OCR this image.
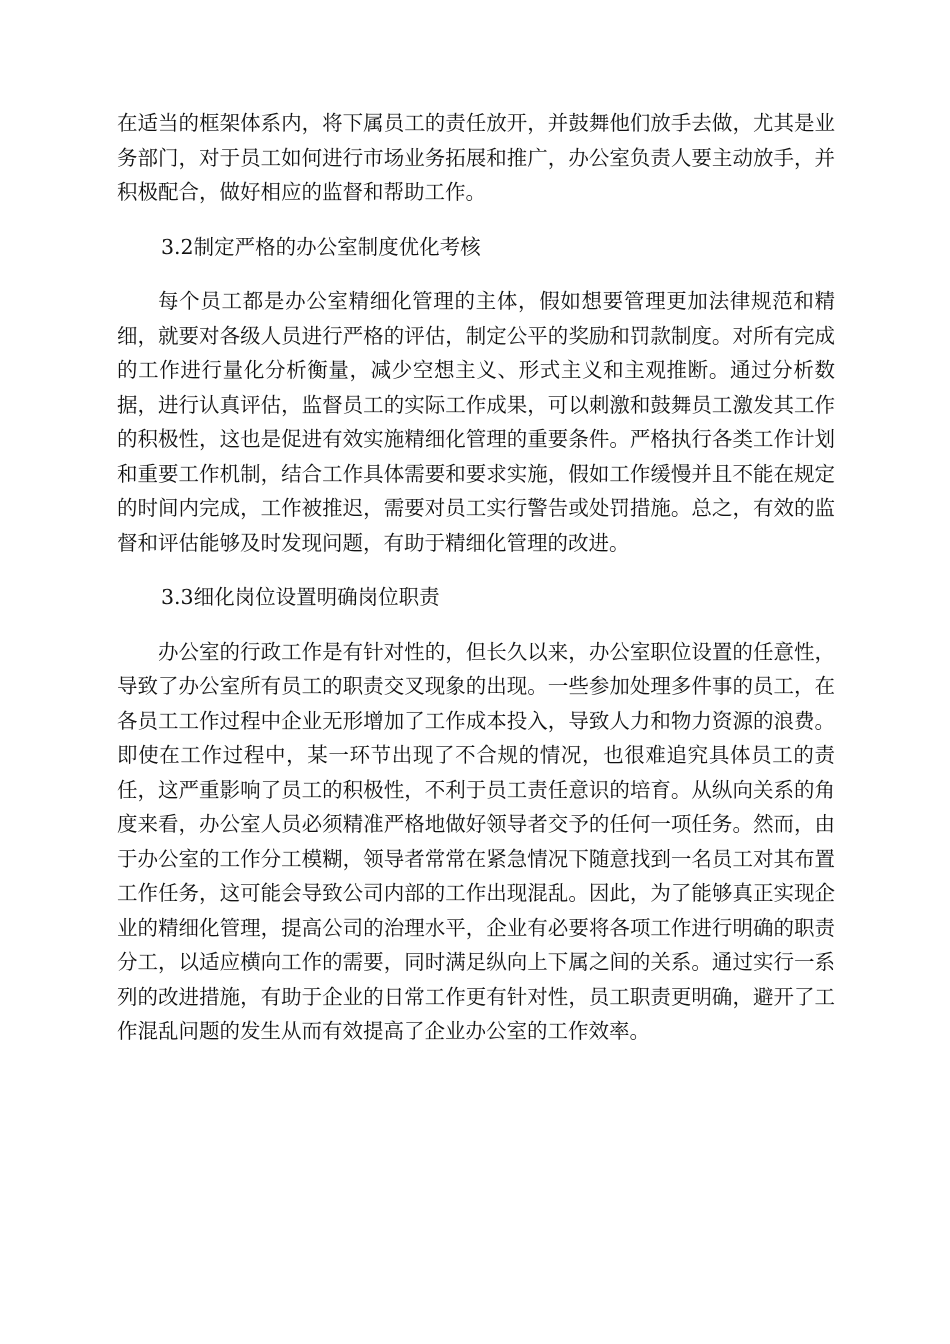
在适当的框架体系内，将下属员工的责任放开，并鼓舞他们放手去做，尤其是业务部门，对于员工如何进行市场业务拓展和推广，办公室负责人要主动放手，并积极配合，做好相应的监督和帮助工作。

3.2制定严格的办公室制度优化考核

每个员工都是办公室精细化管理的主体，假如想要管理更加法律规范和精细，就要对各级人员进行严格的评估，制定公平的奖励和罚款制度。对所有完成的工作进行量化分析衡量，减少空想主义、形式主义和主观推断。通过分析数据，进行认真评估，监督员工的实际工作成果，可以刺激和鼓舞员工激发其工作的积极性，这也是促进有效实施精细化管理的重要条件。严格执行各类工作计划和重要工作机制，结合工作具体需要和要求实施，假如工作缓慢并且不能在规定的时间内完成，工作被推迟，需要对员工实行警告或处罚措施。总之，有效的监督和评估能够及时发现问题，有助于精细化管理的改进。

3.3细化岗位设置明确岗位职责

办公室的行政工作是有针对性的，但长久以来，办公室职位设置的任意性，导致了办公室所有员工的职责交叉现象的出现。一些参加处理多件事的员工，在各员工工作过程中企业无形增加了工作成本投入，导致人力和物力资源的浪费。即使在工作过程中，某一环节出现了不合规的情况，也很难追究具体员工的责任，这严重影响了员工的积极性，不利于员工责任意识的培育。从纵向关系的角度来看，办公室人员必须精准严格地做好领导者交予的任何一项任务。然而，由于办公室的工作分工模糊，领导者常常在紧急情况下随意找到一名员工对其布置工作任务，这可能会导致公司内部的工作出现混乱。因此，为了能够真正实现企业的精细化管理，提高公司的治理水平，企业有必要将各项工作进行明确的职责分工，以适应横向工作的需要，同时满足纵向上下属之间的关系。通过实行一系列的改进措施，有助于企业的日常工作更有针对性，员工职责更明确，避开了工作混乱问题的发生从而有效提高了企业办公室的工作效率。
